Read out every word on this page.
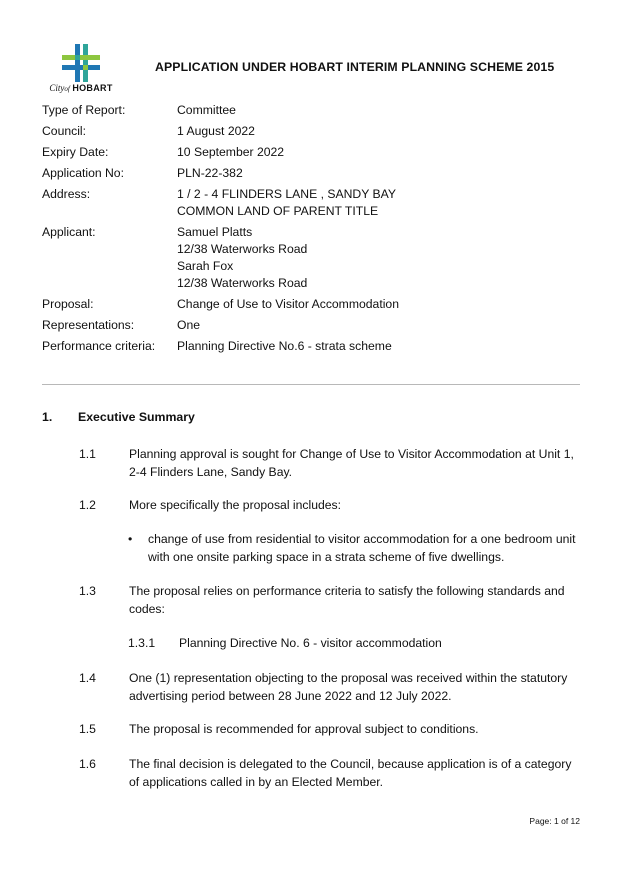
Cityof HOBART
APPLICATION UNDER HOBART INTERIM PLANNING SCHEME 2015
Type of Report:	Committee
Council:	1 August 2022
Expiry Date:	10 September 2022
Application No:	PLN-22-382
Address:	1 / 2 - 4 FLINDERS LANE , SANDY BAY
COMMON LAND OF PARENT TITLE
Applicant:	Samuel Platts
12/38 Waterworks Road
Sarah Fox
12/38 Waterworks Road
Proposal:	Change of Use to Visitor Accommodation
Representations:	One
Performance criteria:	Planning Directive No.6 - strata scheme
1. Executive Summary
1.1	Planning approval is sought for Change of Use to Visitor Accommodation at Unit 1,
2-4 Flinders Lane, Sandy Bay.
1.2	More specifically the proposal includes:
• change of use from residential to visitor accommodation for a one bedroom unit
with one onsite parking space in a strata scheme of five dwellings.
1.3	The proposal relies on performance criteria to satisfy the following standards and
codes:
1.3.1 Planning Directive No. 6 - visitor accommodation
1.4	One (1) representation objecting to the proposal was received within the statutory
advertising period between 28 June 2022 and 12 July 2022.
1.5	The proposal is recommended for approval subject to conditions.
1.6	The final decision is delegated to the Council, because application is of a category
of applications called in by an Elected Member.
Page: 1 of 12
